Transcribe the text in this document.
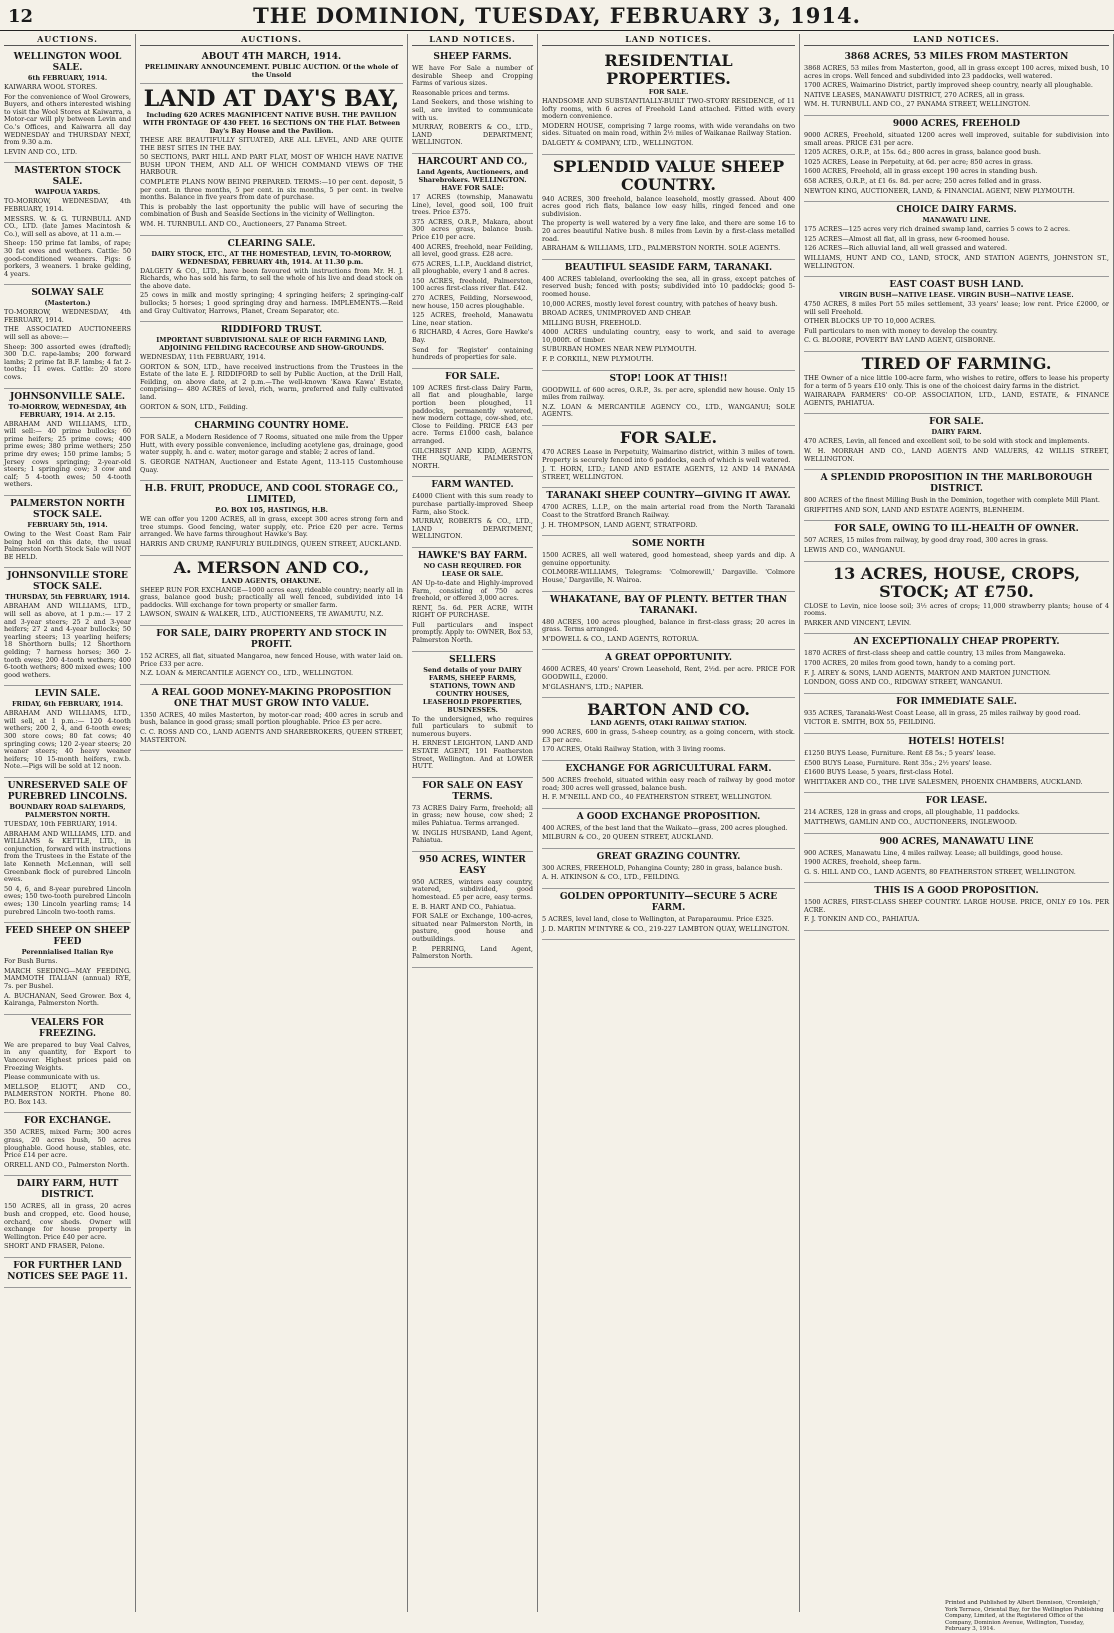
12	THE DOMINION, TUESDAY, FEBRUARY 3, 1914.
AUCTIONS.
WELLINGTON WOOL SALE.
6th FEBRUARY, 1914.

KAIWARRA WOOL STORES.

For the convenience of Wool Growers, Buyers, and others interested wishing to visit the Wool Stores at Kaiwarra, a Motor-car will ply between Levin and Co.'s Offices, and Kaiwarra all day WEDNESDAY and THURSDAY NEXT, from 9.30 a.m.

LEVIN AND CO., LTD.

MASTERTON STOCK SALE.
WAIPOUA YARDS.

TO-MORROW, WEDNESDAY, 4th FEBRUARY, 1914.

MESSRS. W. & G. TURNBULL AND CO., LTD. (late James Macintosh & Co.), will sell as above, at 11 a.m.—

Sheep: 150 prime fat lambs, of rape; 30 fat ewes and wethers. Cattle: 50 good-conditioned weaners. Pigs: 6 porkers, 3 weaners. 1 brake gelding, 4 years.

SOLWAY SALE
(Masterton.)

TO-MORROW, WEDNESDAY, 4th FEBRUARY, 1914.

THE ASSOCIATED AUCTIONEERS will sell as above:—

Sheep: 300 assorted ewes (drafted); 300 D.C. rape-lambs; 200 forward lambs; 2 prime fat B.F. lambs; 4 fat 2-tooths; 11 ewes. Cattle: 20 store cows.

JOHNSONVILLE SALE.
TO-MORROW, WEDNESDAY, 4th FEBRUARY, 1914. At 2.15.

ABRAHAM AND WILLIAMS, LTD., will sell:— 40 prime bullocks; 60 prime heifers; 25 prime cows; 400 prime ewes; 380 prime wethers; 250 prime dry ewes; 150 prime lambs; 5 Jersey cows springing; 2-year-old steers; 1 springing cow; 3 cow and calf; 5 4-tooth ewes; 50 4-tooth wethers.

PALMERSTON NORTH STOCK SALE.
FEBRUARY 5th, 1914.

Owing to the West Coast Ram Fair being held on this date, the usual Palmerston North Stock Sale will NOT BE HELD.

JOHNSONVILLE STORE STOCK SALE.
THURSDAY, 5th FEBRUARY, 1914.

ABRAHAM AND WILLIAMS, LTD., will sell as above, at 1 p.m.:— 17 2 and 3-year steers; 25 2 and 3-year heifers; 27 2 and 4-year bullocks; 50 yearling steers; 13 yearling heifers; 18 Shorthorn bulls; 12 Shorthorn gelding; 7 harness horses; 360 2-tooth ewes; 200 4-tooth wethers; 400 6-tooth wethers; 800 mixed ewes; 100 good wethers.

LEVIN SALE.
FRIDAY, 6th FEBRUARY, 1914.

ABRAHAM AND WILLIAMS, LTD., will sell, at 1 p.m.:— 120 4-tooth wethers; 200 2, 4, and 6-tooth ewes; 300 store cows; 80 fat cows; 40 springing cows; 120 2-year steers; 20 weaner steers; 40 heavy weaner heifers; 10 15-month heifers, r.w.b. Note.—Pigs will be sold at 12 noon.

UNRESERVED SALE OF PUREBRED LINCOLNS.
BOUNDARY ROAD SALEYARDS, PALMERSTON NORTH.

TUESDAY, 10th FEBRUARY, 1914.

ABRAHAM AND WILLIAMS, LTD. and WILLIAMS & KETTLE, LTD., in conjunction, forward with instructions from the Trustees in the Estate of the late Kenneth McLennan, will sell Greenbank flock of purebred Lincoln ewes.

50 4, 6, and 8-year purebred Lincoln ewes; 150 two-tooth purebred Lincoln ewes; 130 Lincoln yearling rams; 14 purebred Lincoln two-tooth rams.

FEED SHEEP ON SHEEP FEED
Perennialised Italian Rye

For Bush Burns.

MARCH SEEDING—MAY FEEDING. MAMMOTH ITALIAN (annual) RYE, 7s. per Bushel.

A. BUCHANAN, Seed Grower. Box 4, Kairanga, Palmerston North.

VEALERS FOR FREEZING.

We are prepared to buy Veal Calves, in any quantity, for Export to Vancouver. Highest prices paid on Freezing Weights.

Please communicate with us.

MELLSOP, ELIOTT, AND CO., PALMERSTON NORTH. Phone 80. P.O. Box 143.

FOR EXCHANGE.

350 ACRES, mixed Farm; 300 acres grass, 20 acres bush, 50 acres ploughable. Good house, stables, etc. Price £14 per acre.

ORRELL AND CO., Palmerston North.

DAIRY FARM, HUTT DISTRICT.

150 ACRES, all in grass, 20 acres bush and cropped, etc. Good house, orchard, cow sheds. Owner will exchange for house property in Wellington. Price £40 per acre.

SHORT AND FRASER, Pelone.

FOR FURTHER LAND NOTICES SEE PAGE 11.
AUCTIONS.
ABOUT 4TH MARCH, 1914.
PRELIMINARY ANNOUNCEMENT. PUBLIC AUCTION. Of the whole of the Unsold
LAND AT DAY'S BAY,
Including 620 ACRES MAGNIFICENT NATIVE BUSH. THE PAVILION WITH FRONTAGE OF 430 FEET. 16 SECTIONS ON THE FLAT. Between Day's Bay House and the Pavilion.

THESE ARE BEAUTIFULLY SITUATED, ARE ALL LEVEL, AND ARE QUITE THE BEST SITES IN THE BAY.

50 SECTIONS, PART HILL AND PART FLAT, MOST OF WHICH HAVE NATIVE BUSH UPON THEM, AND ALL OF WHICH COMMAND VIEWS OF THE HARBOUR.

COMPLETE PLANS NOW BEING PREPARED. TERMS:—10 per cent. deposit, 5 per cent. in three months, 5 per cent. in six months, 5 per cent. in twelve months. Balance in five years from date of purchase.

This is probably the last opportunity the public will have of securing the combination of Bush and Seaside Sections in the vicinity of Wellington.

WM. H. TURNBULL AND CO., Auctioneers, 27 Panama Street.

CLEARING SALE.
DAIRY STOCK, ETC., AT THE HOMESTEAD, LEVIN, TO-MORROW, WEDNESDAY, FEBRUARY 4th, 1914. At 11.30 p.m.

DALGETY & CO., LTD., have been favoured with instructions from Mr. H. J. Richards, who has sold his farm, to sell the whole of his live and dead stock on the above date.

25 cows in milk and mostly springing; 4 springing heifers; 2 springing-calf bullocks; 5 horses; 1 good springing dray and harness. IMPLEMENTS.—Reid and Gray Cultivator, Harrows, Planet, Cream Separator, etc.

RIDDIFORD TRUST.
IMPORTANT SUBDIVISIONAL SALE OF RICH FARMING LAND, ADJOINING FEILDING RACECOURSE AND SHOW-GROUNDS.

WEDNESDAY, 11th FEBRUARY, 1914.

GORTON & SON, LTD., have received instructions from the Trustees in the Estate of the late E. J. RIDDIFORD to sell by Public Auction, at the Drill Hall, Feilding, on above date, at 2 p.m.—The well-known 'Kawa Kawa' Estate, comprising— 480 ACRES of level, rich, warm, preferred and fully cultivated land.

GORTON & SON, LTD., Feilding.

CHARMING COUNTRY HOME.

FOR SALE, a Modern Residence of 7 Rooms, situated one mile from the Upper Hutt, with every possible convenience, including acetylene gas, drainage, good water supply, h. and c. water, motor garage and stable; 2 acres of land.

S. GEORGE NATHAN, Auctioneer and Estate Agent, 113-115 Customhouse Quay.

H.B. FRUIT, PRODUCE, AND COOL STORAGE CO., LIMITED,
P.O. BOX 105, HASTINGS, H.B.

WE can offer you 1200 ACRES, all in grass, except 300 acres strong fern and tree stumps. Good fencing, water supply, etc. Price £20 per acre. Terms arranged. We have farms throughout Hawke's Bay.

HARRIS AND CRUMP, RANFURLY BUILDINGS, QUEEN STREET, AUCKLAND.

A. MERSON AND CO.,
LAND AGENTS, OHAKUNE.

SHEEP RUN FOR EXCHANGE—1000 acres easy, rideable country; nearly all in grass, balance good bush; practically all well fenced, subdivided into 14 paddocks. Will exchange for town property or smaller farm.

LAWSON, SWAIN & WALKER, LTD., AUCTIONEERS, TE AWAMUTU, N.Z.

FOR SALE, DAIRY PROPERTY AND STOCK IN PROFIT.

152 ACRES, all flat, situated Mangaroa, new fenced House, with water laid on. Price £33 per acre.

N.Z. LOAN & MERCANTILE AGENCY CO., LTD., WELLINGTON.

A REAL GOOD MONEY-MAKING PROPOSITION ONE THAT MUST GROW INTO VALUE.

1350 ACRES, 40 miles Masterton, by motor-car road; 400 acres in scrub and bush, balance in good grass; small portion ploughable. Price £3 per acre.

C. C. ROSS AND CO., LAND AGENTS AND SHAREBROKERS, QUEEN STREET, MASTERTON.

LAND NOTICES.
SHEEP FARMS.

WE have For Sale a number of desirable Sheep and Cropping Farms of various sizes.

Reasonable prices and terms.

Land Seekers, and those wishing to sell, are invited to communicate with us.

MURRAY, ROBERTS & CO., LTD., LAND DEPARTMENT, WELLINGTON.

HARCOURT AND CO.,
Land Agents, Auctioneers, and Sharebrokers. WELLINGTON. HAVE FOR SALE:

17 ACRES (township, Manawatu Line), level, good soil, 100 fruit trees. Price £375.

375 ACRES, O.R.P., Makara, about 300 acres grass, balance bush. Price £10 per acre.

400 ACRES, freehold, near Feilding, all level, good grass. £28 acre.

675 ACRES, L.I.P., Auckland district, all ploughable, every 1 and 8 acres.

150 ACRES, freehold, Palmerston, 100 acres first-class river flat. £42.

270 ACRES, Feilding, Norsewood, new house, 150 acres ploughable.

125 ACRES, freehold, Manawatu Line, near station.

6 RICHARD, 4 Acres, Gore Hawke's Bay.

Send for 'Register' containing hundreds of properties for sale.

FOR SALE.

109 ACRES first-class Dairy Farm, all flat and ploughable, large portion been ploughed, 11 paddocks, permanently watered, new modern cottage, cow-shed, etc. Close to Feilding. PRICE £43 per acre. Terms £1000 cash, balance arranged.

GILCHRIST AND KIDD, AGENTS, THE SQUARE, PALMERSTON NORTH.

FARM WANTED.

£4000 Client with this sum ready to purchase partially-improved Sheep Farm, also Stock.

MURRAY, ROBERTS & CO., LTD., LAND DEPARTMENT, WELLINGTON.

HAWKE'S BAY FARM.
NO CASH REQUIRED. FOR LEASE OR SALE.

AN Up-to-date and Highly-improved Farm, consisting of 750 acres freehold, or offered 3,000 acres.

RENT, 5s. 6d. PER ACRE, WITH RIGHT OF PURCHASE.

Full particulars and inspect promptly. Apply to: OWNER, Box 53, Palmerston North.

SELLERS
Send details of your DAIRY FARMS, SHEEP FARMS, STATIONS, TOWN AND COUNTRY HOUSES, LEASEHOLD PROPERTIES, BUSINESSES.

To the undersigned, who requires full particulars to submit to numerous buyers.

H. ERNEST LEIGHTON, LAND AND ESTATE AGENT, 191 Featherston Street, Wellington. And at LOWER HUTT.

FOR SALE ON EASY TERMS.

73 ACRES Dairy Farm, freehold; all in grass; new house, cow shed; 2 miles Pahiatua. Terms arranged.

W. INGLIS HUSBAND, Land Agent, Pahiatua.

950 ACRES, WINTER EASY

950 ACRES, winters easy country, watered, subdivided, good homestead. £5 per acre, easy terms.

E. B. HART AND CO., Pahiatua.

FOR SALE or Exchange, 100-acres, situated near Palmerston North, in pasture, good house and outbuildings.

P. PERRING, Land Agent, Palmerston North.

LAND NOTICES.
RESIDENTIAL PROPERTIES.
FOR SALE.

HANDSOME AND SUBSTANTIALLY-BUILT TWO-STORY RESIDENCE, of 11 lofty rooms, with 6 acres of Freehold Land attached. Fitted with every modern convenience.

MODERN HOUSE, comprising 7 large rooms, with wide verandahs on two sides. Situated on main road, within 2½ miles of Waikanae Railway Station.

DALGETY & COMPANY, LTD., WELLINGTON.

SPLENDID VALUE SHEEP COUNTRY.

940 ACRES, 300 freehold, balance leasehold, mostly grassed. About 400 acres good rich flats, balance low easy hills, ringed fenced and one subdivision.

The property is well watered by a very fine lake, and there are some 16 to 20 acres beautiful Native bush. 8 miles from Levin by a first-class metalled road.

ABRAHAM & WILLIAMS, LTD., PALMERSTON NORTH. SOLE AGENTS.

BEAUTIFUL SEASIDE FARM, TARANAKI.

400 ACRES tableland, overlooking the sea, all in grass, except patches of reserved bush; fenced with posts; subdivided into 10 paddocks; good 5-roomed house.

10,000 ACRES, mostly level forest country, with patches of heavy bush.

BROAD ACRES, UNIMPROVED AND CHEAP.

MILLING BUSH, FREEHOLD.

4000 ACRES undulating country, easy to work, and said to average 10,000ft. of timber.

SUBURBAN HOMES NEAR NEW PLYMOUTH.

F. P. CORKILL, NEW PLYMOUTH.

STOP! LOOK AT THIS!!

GOODWILL of 600 acres, O.R.P., 3s. per acre, splendid new house. Only 15 miles from railway.

N.Z. LOAN & MERCANTILE AGENCY CO., LTD., WANGANUI; SOLE AGENTS.

FOR SALE.

470 ACRES Lease in Perpetuity, Waimarino district, within 3 miles of town. Property is securely fenced into 6 paddocks, each of which is well watered.

J. T. HORN, LTD.; LAND AND ESTATE AGENTS, 12 AND 14 PANAMA STREET, WELLINGTON.

TARANAKI SHEEP COUNTRY—GIVING IT AWAY.

4700 ACRES, L.I.P., on the main arterial road from the North Taranaki Coast to the Stratford Branch Railway.

J. H. THOMPSON, LAND AGENT, STRATFORD.

SOME NORTH

1500 ACRES, all well watered, good homestead, sheep yards and dip. A genuine opportunity.

COLMORE-WILLIAMS, Telegrams: 'Colmorewill,' Dargaville. 'Colmore House,' Dargaville, N. Wairoa.

WHAKATANE, BAY OF PLENTY. BETTER THAN TARANAKI.

480 ACRES, 100 acres ploughed, balance in first-class grass; 20 acres in grass. Terms arranged.

M'DOWELL & CO., LAND AGENTS, ROTORUA.

A GREAT OPPORTUNITY.

4600 ACRES, 40 years' Crown Leasehold, Rent, 2½d. per acre. PRICE FOR GOODWILL, £2000.

M'GLASHAN'S, LTD.; NAPIER.

BARTON AND CO.
LAND AGENTS, OTAKI RAILWAY STATION.

990 ACRES, 600 in grass, 5-sheep country, as a going concern, with stock. £3 per acre.

170 ACRES, Otaki Railway Station, with 3 living rooms.

EXCHANGE FOR AGRICULTURAL FARM.

500 ACRES freehold, situated within easy reach of railway by good motor road; 300 acres well grassed, balance bush.

H. F. M'NEILL AND CO., 40 FEATHERSTON STREET, WELLINGTON.

A GOOD EXCHANGE PROPOSITION.

400 ACRES, of the best land that the Waikato—grass, 200 acres ploughed.

MILBURN & CO., 20 QUEEN STREET, AUCKLAND.

GREAT GRAZING COUNTRY.

300 ACRES, FREEHOLD, Pohangina County; 280 in grass, balance bush.

A. H. ATKINSON & CO., LTD., FEILDING.

GOLDEN OPPORTUNITY—SECURE 5 ACRE FARM.

5 ACRES, level land, close to Wellington, at Paraparaumu. Price £325.

J. D. MARTIN M'INTYRE & CO., 219-227 LAMBTON QUAY, WELLINGTON.

LAND NOTICES.
3868 ACRES, 53 MILES FROM MASTERTON

3868 ACRES, 53 miles from Masterton, good, all in grass except 100 acres, mixed bush, 10 acres in crops. Well fenced and subdivided into 23 paddocks, well watered.

1700 ACRES, Waimarino District, partly improved sheep country, nearly all ploughable.

NATIVE LEASES, MANAWATU DISTRICT, 270 ACRES, all in grass.

WM. H. TURNBULL AND CO., 27 PANAMA STREET, WELLINGTON.

9000 ACRES, FREEHOLD

9000 ACRES, Freehold, situated 1200 acres well improved, suitable for subdivision into small areas. PRICE £31 per acre.

1205 ACRES, O.R.P., at 15s. 6d.; 800 acres in grass, balance good bush.

1025 ACRES, Lease in Perpetuity, at 6d. per acre; 850 acres in grass.

1600 ACRES, Freehold, all in grass except 190 acres in standing bush.

658 ACRES, O.R.P., at £1 6s. 8d. per acre; 250 acres felled and in grass.

NEWTON KING, AUCTIONEER, LAND, & FINANCIAL AGENT, NEW PLYMOUTH.

CHOICE DAIRY FARMS.
MANAWATU LINE.

175 ACRES—125 acres very rich drained swamp land, carries 5 cows to 2 acres.

125 ACRES—Almost all flat, all in grass, new 6-roomed house.

126 ACRES—Rich alluvial land, all well grassed and watered.

WILLIAMS, HUNT AND CO., LAND, STOCK, AND STATION AGENTS, JOHNSTON ST., WELLINGTON.

EAST COAST BUSH LAND.
VIRGIN BUSH—NATIVE LEASE. VIRGIN BUSH—NATIVE LEASE.

4750 ACRES, 8 miles Port 55 miles settlement, 33 years' lease; low rent. Price £2000, or will sell Freehold.

OTHER BLOCKS UP TO 10,000 ACRES.

Full particulars to men with money to develop the country.

C. G. BLOORE, POVERTY BAY LAND AGENT, GISBORNE.

TIRED OF FARMING.

THE Owner of a nice little 100-acre farm, who wishes to retire, offers to lease his property for a term of 5 years £10 only. This is one of the choicest dairy farms in the district.

WAIRARAPA FARMERS' CO-OP. ASSOCIATION, LTD., LAND, ESTATE, & FINANCE AGENTS, PAHIATUA.

FOR SALE.
DAIRY FARM.

470 ACRES, Levin, all fenced and excellent soil, to be sold with stock and implements.

W. H. MORRAH AND CO., LAND AGENTS AND VALUERS, 42 WILLIS STREET, WELLINGTON.

A SPLENDID PROPOSITION IN THE MARLBOROUGH DISTRICT.

800 ACRES of the finest Milling Bush in the Dominion, together with complete Mill Plant.

GRIFFITHS AND SON, LAND AND ESTATE AGENTS, BLENHEIM.

FOR SALE, OWING TO ILL-HEALTH OF OWNER.

507 ACRES, 15 miles from railway, by good dray road, 300 acres in grass.

LEWIS AND CO., WANGANUI.

13 ACRES, HOUSE, CROPS, STOCK; AT £750.

CLOSE to Levin, nice loose soil; 3½ acres of crops; 11,000 strawberry plants; house of 4 rooms.

PARKER AND VINCENT, LEVIN.

AN EXCEPTIONALLY CHEAP PROPERTY.

1870 ACRES of first-class sheep and cattle country, 13 miles from Mangaweka.

1700 ACRES, 20 miles from good town, handy to a coming port.

F. J. AIREY & SONS, LAND AGENTS, MARTON AND MARTON JUNCTION.

LONDON, GOSS AND CO., RIDGWAY STREET, WANGANUI.

FOR IMMEDIATE SALE.

935 ACRES, Taranaki-West Coast Lease, all in grass, 25 miles railway by good road.

VICTOR E. SMITH, BOX 55, FEILDING.

HOTELS! HOTELS!

£1250 BUYS Lease, Furniture. Rent £8 5s.; 5 years' lease.

£500 BUYS Lease, Furniture. Rent 35s.; 2½ years' lease.

£1600 BUYS Lease, 5 years, first-class Hotel.

WHITTAKER AND CO., THE LIVE SALESMEN, PHOENIX CHAMBERS, AUCKLAND.

FOR LEASE.

214 ACRES, 128 in grass and crops, all ploughable, 11 paddocks.

MATTHEWS, GAMLIN AND CO., AUCTIONEERS, INGLEWOOD.

900 ACRES, MANAWATU LINE

900 ACRES, Manawatu Line, 4 miles railway. Lease; all buildings, good house.

1900 ACRES, freehold, sheep farm.

G. S. HILL AND CO., LAND AGENTS, 80 FEATHERSTON STREET, WELLINGTON.

THIS IS A GOOD PROPOSITION.

1500 ACRES, FIRST-CLASS SHEEP COUNTRY. LARGE HOUSE. PRICE, ONLY £9 10s. PER ACRE.

F. J. TONKIN AND CO., PAHIATUA.

Printed and Published by Albert Dennison, 'Cromleigh,' York Terrace, Oriental Bay, for the Wellington Publishing Company, Limited, at the Registered Office of the Company, Dominion Avenue, Wellington, Tuesday, February 3, 1914.
